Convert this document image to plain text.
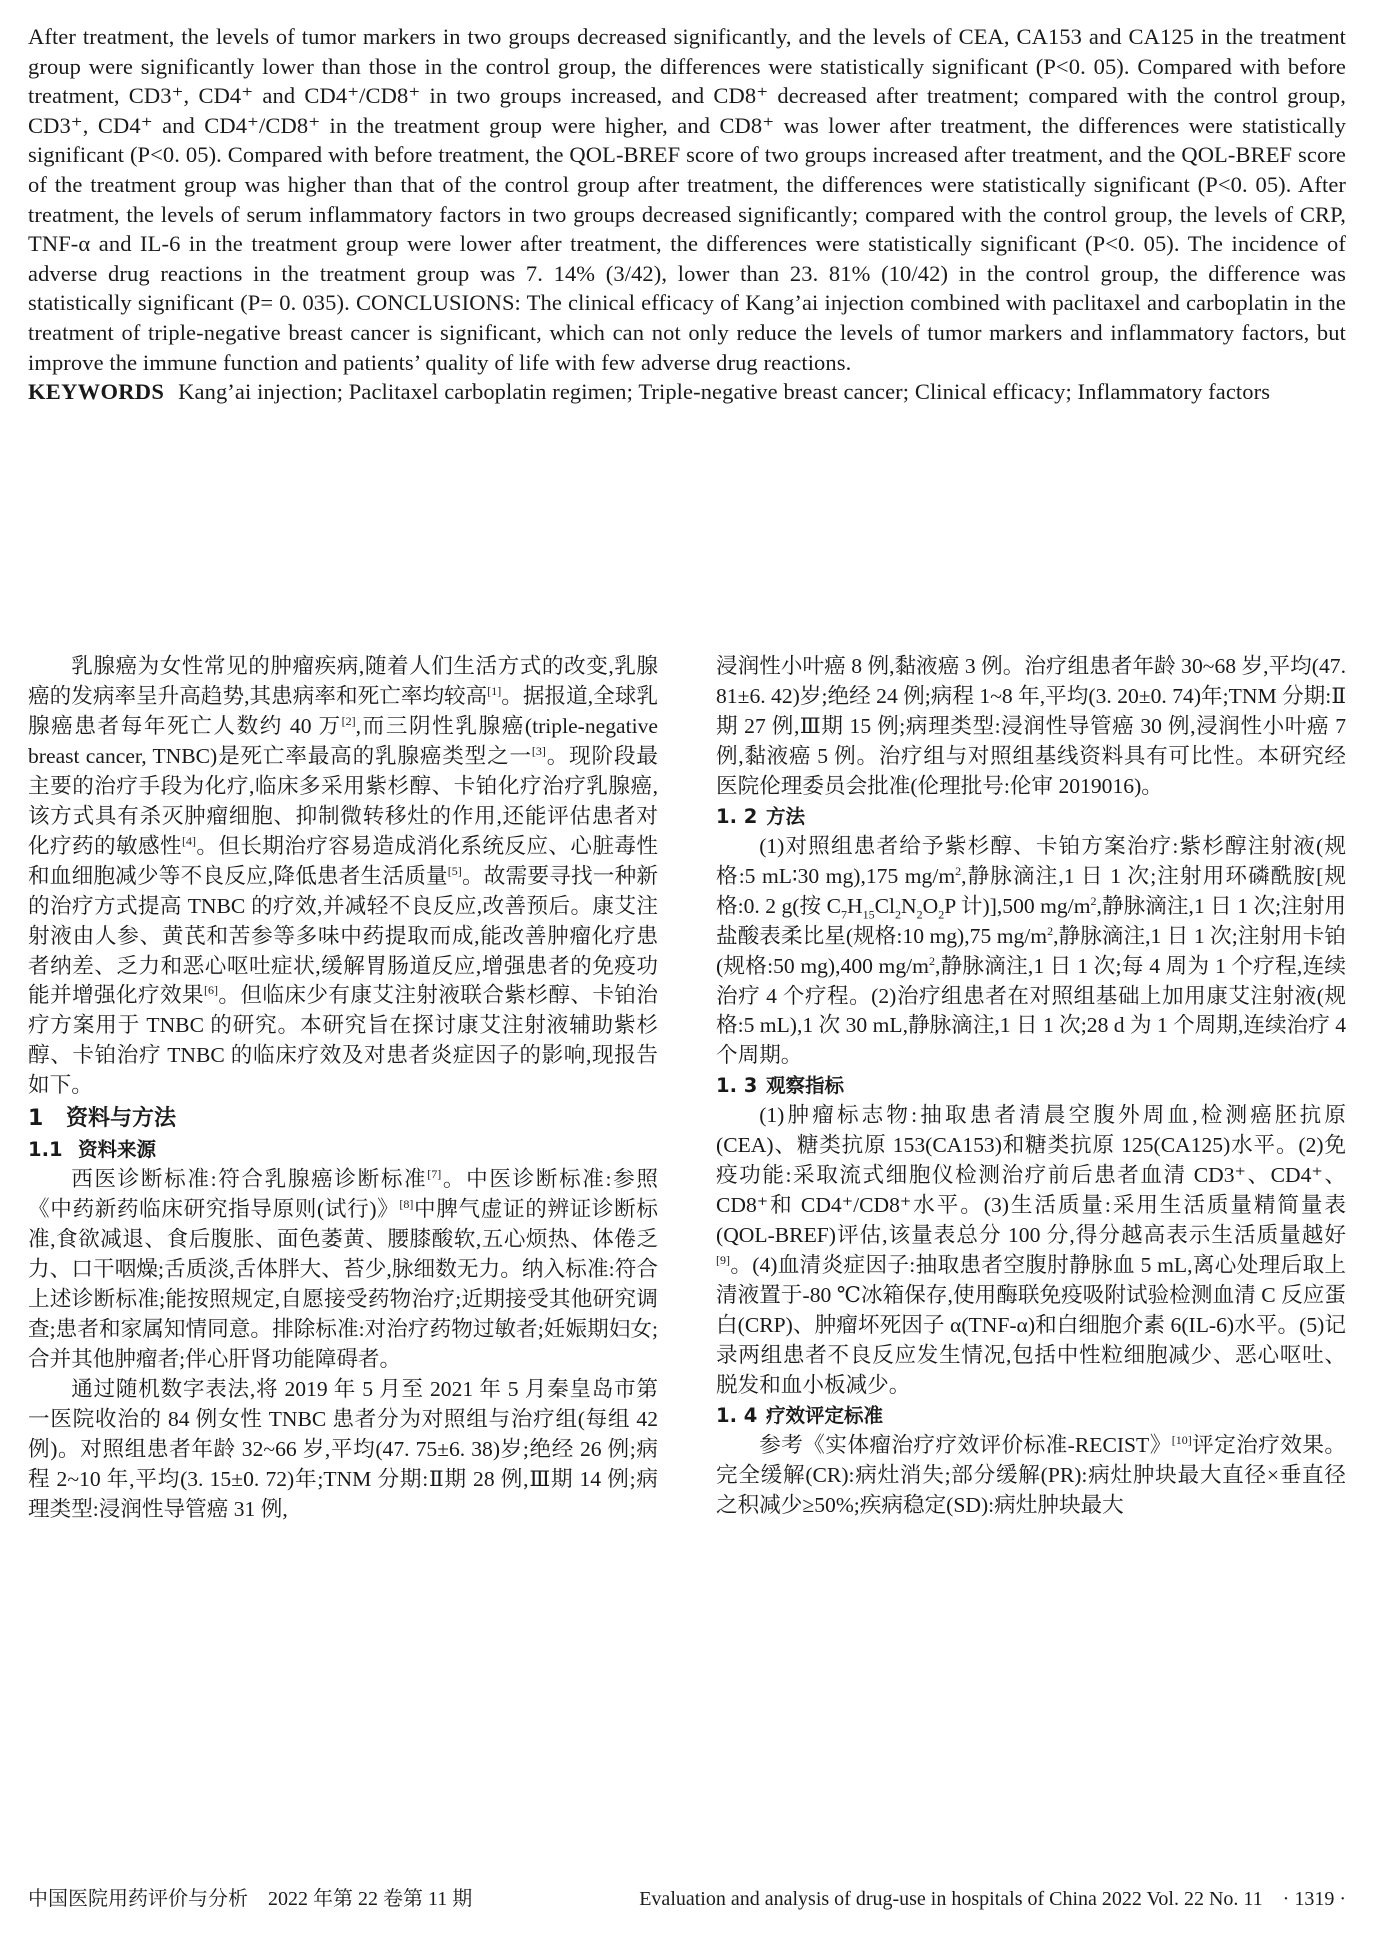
After treatment, the levels of tumor markers in two groups decreased significantly, and the levels of CEA, CA153 and CA125 in the treatment group were significantly lower than those in the control group, the differences were statistically significant (P<0. 05). Compared with before treatment, CD3⁺, CD4⁺ and CD4⁺/CD8⁺ in two groups increased, and CD8⁺ decreased after treatment; compared with the control group, CD3⁺, CD4⁺ and CD4⁺/CD8⁺ in the treatment group were higher, and CD8⁺ was lower after treatment, the differences were statistically significant (P<0. 05). Compared with before treatment, the QOL-BREF score of two groups increased after treatment, and the QOL-BREF score of the treatment group was higher than that of the control group after treatment, the differences were statistically significant (P<0. 05). After treatment, the levels of serum inflammatory factors in two groups decreased significantly; compared with the control group, the levels of CRP, TNF-α and IL-6 in the treatment group were lower after treatment, the differences were statistically significant (P<0. 05). The incidence of adverse drug reactions in the treatment group was 7. 14% (3/42), lower than 23. 81% (10/42) in the control group, the difference was statistically significant (P= 0. 035). CONCLUSIONS: The clinical efficacy of Kang’ai injection combined with paclitaxel and carboplatin in the treatment of triple-negative breast cancer is significant, which can not only reduce the levels of tumor markers and inflammatory factors, but improve the immune function and patients’ quality of life with few adverse drug reactions.

KEYWORDS Kang’ai injection; Paclitaxel carboplatin regimen; Triple-negative breast cancer; Clinical efficacy; Inflammatory factors

乳腺癌为女性常见的肿瘤疾病,随着人们生活方式的改变,乳腺癌的发病率呈升高趋势,其患病率和死亡率均较高[1]。据报道,全球乳腺癌患者每年死亡人数约 40 万[2],而三阴性乳腺癌(triple-negative breast cancer, TNBC)是死亡率最高的乳腺癌类型之一[3]。现阶段最主要的治疗手段为化疗,临床多采用紫杉醇、卡铂化疗治疗乳腺癌,该方式具有杀灭肿瘤细胞、抑制微转移灶的作用,还能评估患者对化疗药的敏感性[4]。但长期治疗容易造成消化系统反应、心脏毒性和血细胞减少等不良反应,降低患者生活质量[5]。故需要寻找一种新的治疗方式提高 TNBC 的疗效,并减轻不良反应,改善预后。康艾注射液由人参、黄芪和苦参等多味中药提取而成,能改善肿瘤化疗患者纳差、乏力和恶心呕吐症状,缓解胃肠道反应,增强患者的免疫功能并增强化疗效果[6]。但临床少有康艾注射液联合紫杉醇、卡铂治疗方案用于 TNBC 的研究。本研究旨在探讨康艾注射液辅助紫杉醇、卡铂治疗 TNBC 的临床疗效及对患者炎症因子的影响,现报告如下。

1 资料与方法
1.1 资料来源

西医诊断标准:符合乳腺癌诊断标准[7]。中医诊断标准:参照《中药新药临床研究指导原则(试行)》[8]中脾气虚证的辨证诊断标准,食欲减退、食后腹胀、面色萎黄、腰膝酸软,五心烦热、体倦乏力、口干咽燥;舌质淡,舌体胖大、苔少,脉细数无力。纳入标准:符合上述诊断标准;能按照规定,自愿接受药物治疗;近期接受其他研究调查;患者和家属知情同意。排除标准:对治疗药物过敏者;妊娠期妇女;合并其他肿瘤者;伴心肝肾功能障碍者。

通过随机数字表法,将 2019 年 5 月至 2021 年 5 月秦皇岛市第一医院收治的 84 例女性 TNBC 患者分为对照组与治疗组(每组 42 例)。对照组患者年龄 32~66 岁,平均(47. 75±6. 38)岁;绝经 26 例;病程 2~10 年,平均(3. 15±0. 72)年;TNM 分期:Ⅱ期 28 例,Ⅲ期 14 例;病理类型:浸润性导管癌 31 例,

浸润性小叶癌 8 例,黏液癌 3 例。治疗组患者年龄 30~68 岁,平均(47. 81±6. 42)岁;绝经 24 例;病程 1~8 年,平均(3. 20±0. 74)年;TNM 分期:Ⅱ期 27 例,Ⅲ期 15 例;病理类型:浸润性导管癌 30 例,浸润性小叶癌 7 例,黏液癌 5 例。治疗组与对照组基线资料具有可比性。本研究经医院伦理委员会批准(伦理批号:伦审 2019016)。

1. 2 方法

(1)对照组患者给予紫杉醇、卡铂方案治疗:紫杉醇注射液(规格:5 mL∶30 mg),175 $mg/m^2$,静脉滴注,1 日 1 次;注射用环磷酰胺[规格:0. 2 g(按 $C_7H_{15}Cl_2N_2O_2P$ 计)],500 $mg/m^2$,静脉滴注,1 日 1 次;注射用盐酸表柔比星(规格:10 mg),75 $mg/m^2$,静脉滴注,1 日 1 次;注射用卡铂(规格:50 mg),400 $mg/m^2$,静脉滴注,1 日 1 次;每 4 周为 1 个疗程,连续治疗 4 个疗程。(2)治疗组患者在对照组基础上加用康艾注射液(规格:5 mL),1 次 30 mL,静脉滴注,1 日 1 次;28 d 为 1 个周期,连续治疗 4 个周期。

1. 3 观察指标

(1)肿瘤标志物:抽取患者清晨空腹外周血,检测癌胚抗原(CEA)、糖类抗原 153(CA153)和糖类抗原 125(CA125)水平。(2)免疫功能:采取流式细胞仪检测治疗前后患者血清 CD3⁺、CD4⁺、CD8⁺和 CD4⁺/CD8⁺水平。(3)生活质量:采用生活质量精简量表(QOL-BREF)评估,该量表总分 100 分,得分越高表示生活质量越好[9]。(4)血清炎症因子:抽取患者空腹肘静脉血 5 mL,离心处理后取上清液置于-80 ℃冰箱保存,使用酶联免疫吸附试验检测血清 C 反应蛋白(CRP)、肿瘤坏死因子 α(TNF-α)和白细胞介素 6(IL-6)水平。(5)记录两组患者不良反应发生情况,包括中性粒细胞减少、恶心呕吐、脱发和血小板减少。

1. 4 疗效评定标准

参考《实体瘤治疗疗效评价标准-RECIST》[10]评定治疗效果。完全缓解(CR):病灶消失;部分缓解(PR):病灶肿块最大直径×垂直径之积减少≥50%;疾病稳定(SD):病灶肿块最大

中国医院用药评价与分析　2022 年第 22 卷第 11 期	Evaluation and analysis of drug-use in hospitals of China 2022 Vol. 22 No. 11　· 1319 ·
